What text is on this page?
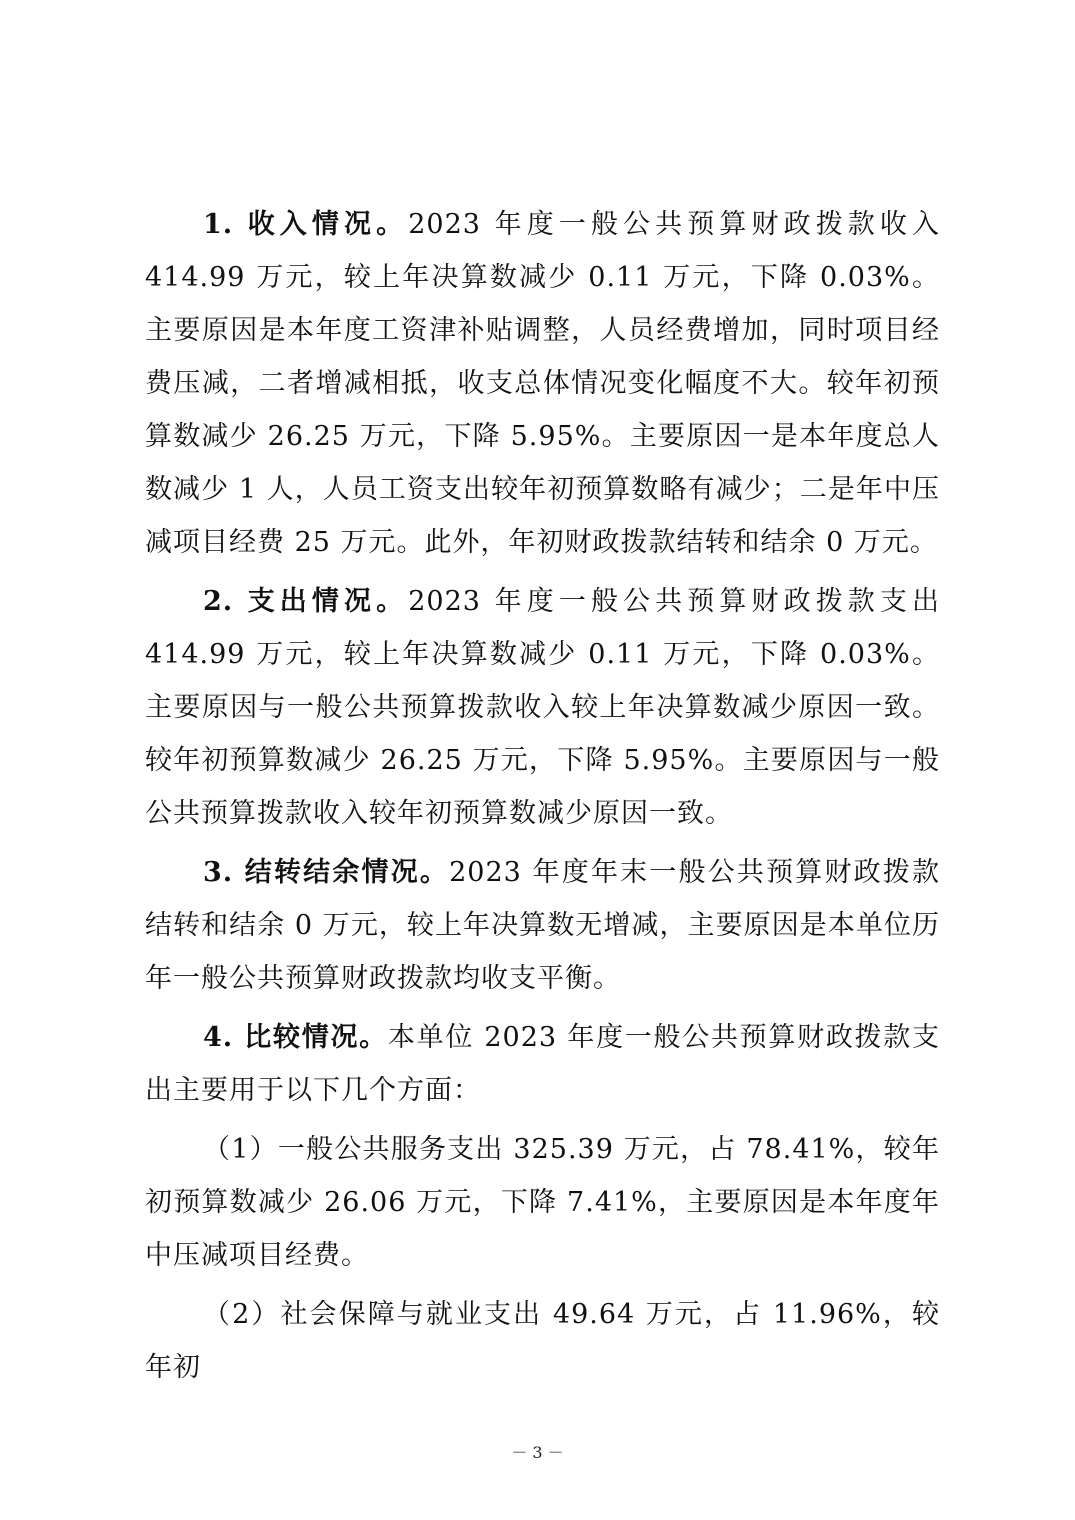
1. 收入情况。2023 年度一般公共预算财政拨款收入 414.99 万元，较上年决算数减少 0.11 万元，下降 0.03%。主要原因是本年度工资津补贴调整，人员经费增加，同时项目经费压减，二者增减相抵，收支总体情况变化幅度不大。较年初预算数减少 26.25 万元，下降 5.95%。主要原因一是本年度总人数减少 1 人，人员工资支出较年初预算数略有减少；二是年中压减项目经费 25 万元。此外，年初财政拨款结转和结余 0 万元。

2. 支出情况。2023 年度一般公共预算财政拨款支出 414.99 万元，较上年决算数减少 0.11 万元，下降 0.03%。主要原因与一般公共预算拨款收入较上年决算数减少原因一致。较年初预算数减少 26.25 万元，下降 5.95%。主要原因与一般公共预算拨款收入较年初预算数减少原因一致。

3. 结转结余情况。2023 年度年末一般公共预算财政拨款结转和结余 0 万元，较上年决算数无增减，主要原因是本单位历年一般公共预算财政拨款均收支平衡。

4. 比较情况。本单位 2023 年度一般公共预算财政拨款支出主要用于以下几个方面：

（1）一般公共服务支出 325.39 万元，占 78.41%，较年初预算数减少 26.06 万元，下降 7.41%，主要原因是本年度年中压减项目经费。

（2）社会保障与就业支出 49.64 万元，占 11.96%，较年初

－ 3 －
